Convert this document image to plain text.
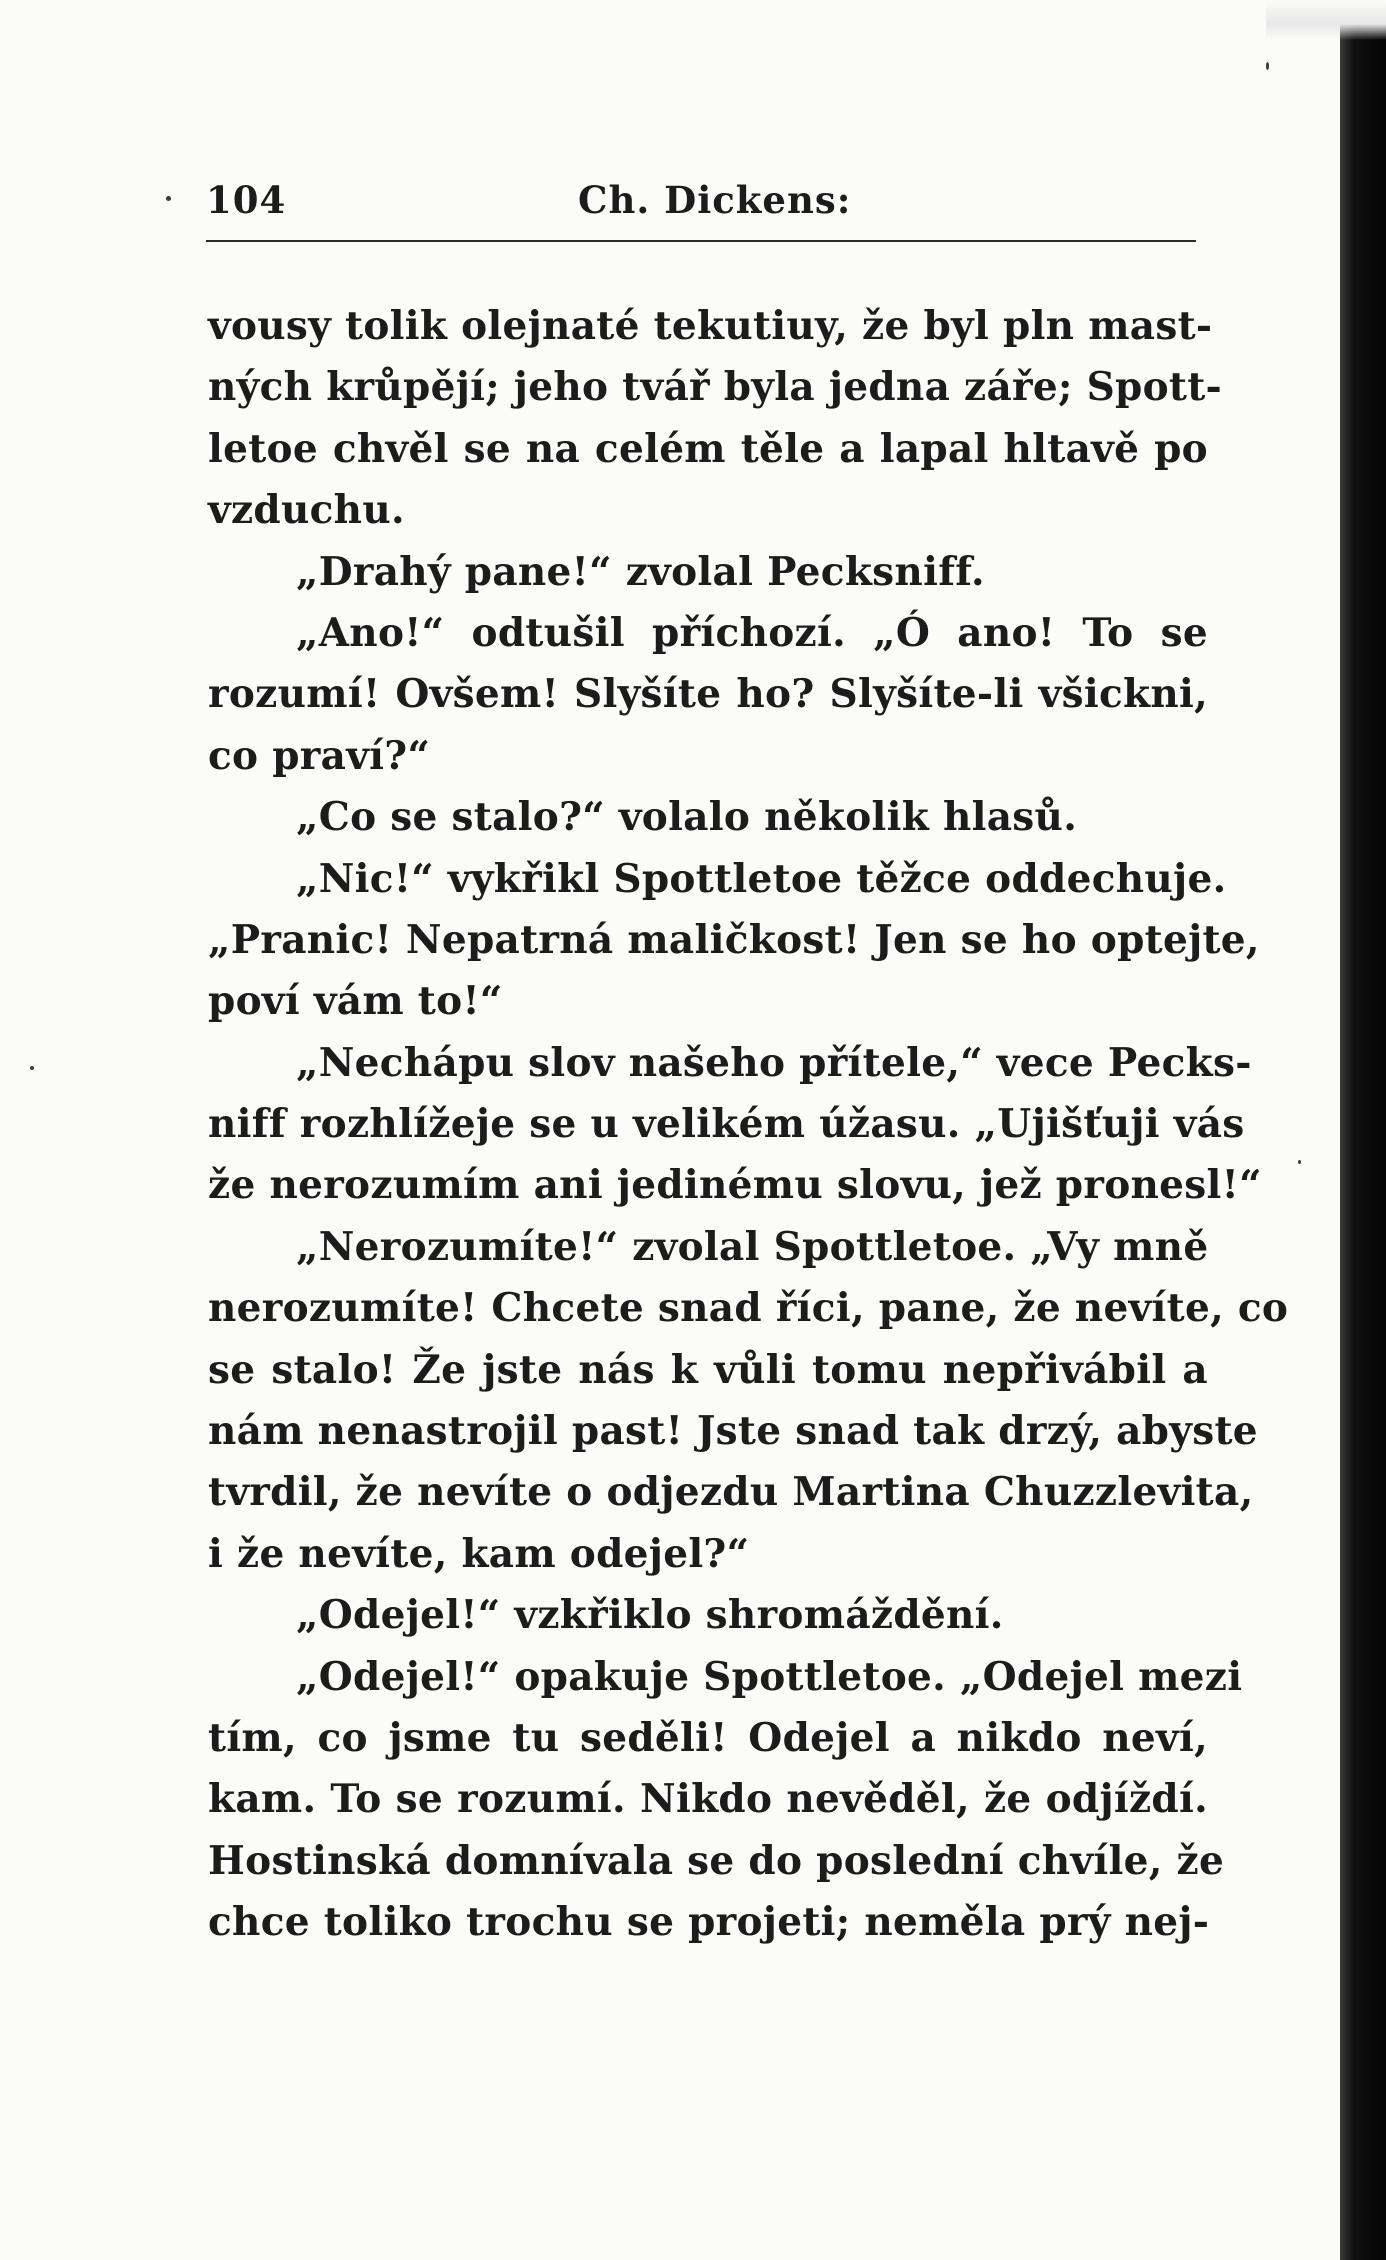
104	Ch. Dickens:
vousy tolik olejnaté tekutiuy, že byl pln mast-
ných krůpějí; jeho tvář byla jedna záře; Spott-
letoe chvěl se na celém těle a lapal hltavě po
vzduchu.
„Drahý pane!“ zvolal Pecksniff.
„Ano!“ odtušil příchozí. „Ó ano! To se
rozumí! Ovšem! Slyšíte ho? Slyšíte-li všickni,
co praví?“
„Co se stalo?“ volalo několik hlasů.
„Nic!“ vykřikl Spottletoe těžce oddechuje.
„Pranic! Nepatrná maličkost! Jen se ho optejte,
poví vám to!“
„Nechápu slov našeho přítele,“ vece Pecks-
niff rozhlížeje se u velikém úžasu. „Ujišťuji vás
že nerozumím ani jedinému slovu, jež pronesl!“
„Nerozumíte!“ zvolal Spottletoe. „Vy mně
nerozumíte! Chcete snad říci, pane, že nevíte, co
se stalo! Že jste nás k vůli tomu nepřivábil a
nám nenastrojil past! Jste snad tak drzý, abyste
tvrdil, že nevíte o odjezdu Martina Chuzzlevita,
i že nevíte, kam odejel?“
„Odejel!“ vzkřiklo shromáždění.
„Odejel!“ opakuje Spottletoe. „Odejel mezi
tím, co jsme tu seděli! Odejel a nikdo neví,
kam. To se rozumí. Nikdo nevěděl, že odjíždí.
Hostinská domnívala se do poslední chvíle, že
chce toliko trochu se projeti; neměla prý nej-
